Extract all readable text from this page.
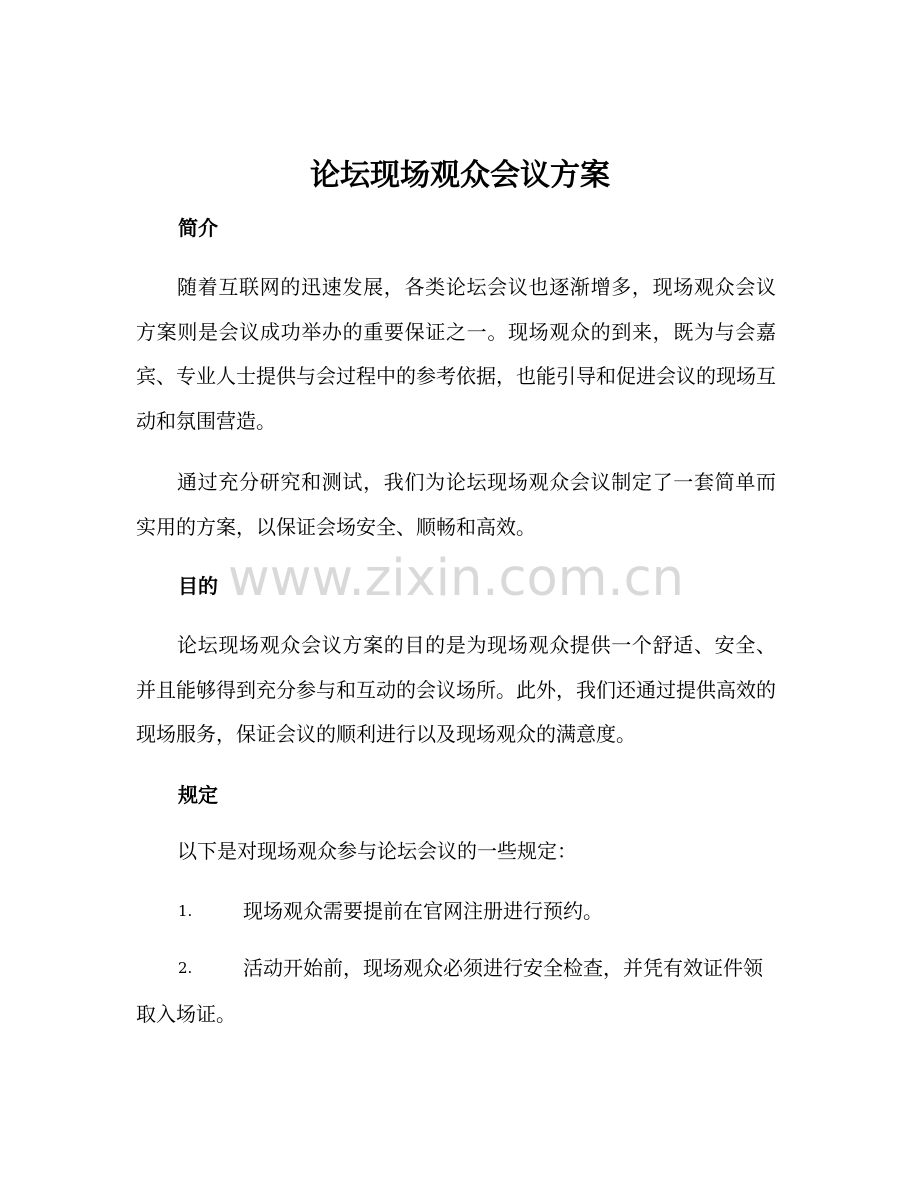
论坛现场观众会议方案
简介

随着互联网的迅速发展，各类论坛会议也逐渐增多，现场观众会议方案则是会议成功举办的重要保证之一。现场观众的到来，既为与会嘉宾、专业人士提供与会过程中的参考依据，也能引导和促进会议的现场互动和氛围营造。

通过充分研究和测试，我们为论坛现场观众会议制定了一套简单而实用的方案，以保证会场安全、顺畅和高效。

www.zixin.com.cn
目的

论坛现场观众会议方案的目的是为现场观众提供一个舒适、安全、并且能够得到充分参与和互动的会议场所。此外，我们还通过提供高效的现场服务，保证会议的顺利进行以及现场观众的满意度。

规定

以下是对现场观众参与论坛会议的一些规定：

1.	现场观众需要提前在官网注册进行预约。
2.	活动开始前，现场观众必须进行安全检查，并凭有效证件领取入场证。
